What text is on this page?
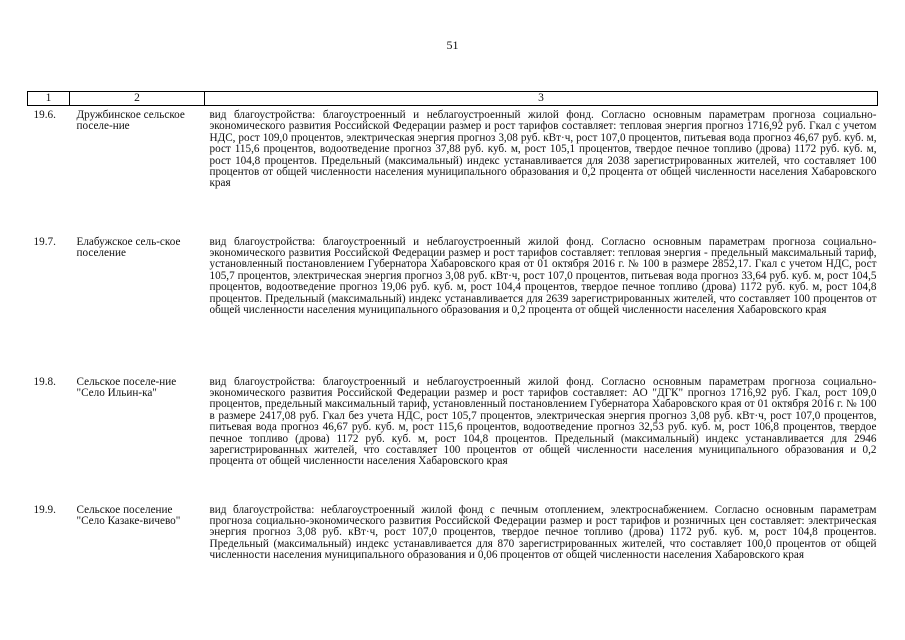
51
1	2	3
19.6.	Дружбинское сельское поселе-ние	вид благоустройства: благоустроенный и неблагоустроенный жилой фонд. Согласно основным параметрам прогноза социально-экономического развития Российской Федерации размер и рост тарифов составляет: тепловая энергия прогноз 1716,92 руб. Гкал с учетом НДС, рост 109,0 процентов, электрическая энергия прогноз 3,08 руб. кВт·ч, рост 107,0 процентов, питьевая вода прогноз 46,67 руб. куб. м, рост 115,6 процентов, водоотведение прогноз 37,88 руб. куб. м, рост 105,1 процентов, твердое печное топливо (дрова) 1172 руб. куб. м, рост 104,8 процентов. Предельный (максимальный) индекс устанавливается для 2038 зарегистрированных жителей, что составляет 100 процентов от общей численности населения муниципального образования и 0,2 процента от общей численности населения Хабаровского края
19.7.	Елабужское сель-ское поселение	вид благоустройства: благоустроенный и неблагоустроенный жилой фонд. Согласно основным параметрам прогноза социально-экономического развития Российской Федерации размер и рост тарифов составляет: тепловая энергия - предельный максимальный тариф, установленный постановлением Губернатора Хабаровского края от 01 октября 2016 г. № 100 в размере 2852,17. Гкал с учетом НДС, рост 105,7 процентов, электрическая энергия прогноз 3,08 руб. кВт·ч, рост 107,0 процентов, питьевая вода прогноз 33,64 руб. куб. м, рост 104,5 процентов, водоотведение прогноз 19,06 руб. куб. м, рост 104,4 процентов, твердое печное топливо (дрова) 1172 руб. куб. м, рост 104,8 процентов. Предельный (максимальный) индекс устанавливается для 2639 зарегистрированных жителей, что составляет 100 процентов от общей численности населения муниципального образования и 0,2 процента от общей численности населения Хабаровского края
19.8.	Сельское поселе-ние "Село Ильин-ка"	вид благоустройства: благоустроенный и неблагоустроенный жилой фонд. Согласно основным параметрам прогноза социально-экономического развития Российской Федерации размер и рост тарифов составляет: АО "ДГК" прогноз 1716,92 руб. Гкал, рост 109,0 процентов, предельный максимальный тариф, установленный постановлением Губернатора Хабаровского края от 01 октября 2016 г. № 100 в размере 2417,08 руб. Гкал без учета НДС, рост 105,7 процентов, электрическая энергия прогноз 3,08 руб. кВт·ч, рост 107,0 процентов, питьевая вода прогноз 46,67 руб. куб. м, рост 115,6 процентов, водоотведение прогноз 32,53 руб. куб. м, рост 106,8 процентов, твердое печное топливо (дрова) 1172 руб. куб. м, рост 104,8 процентов. Предельный (максимальный) индекс устанавливается для 2946 зарегистрированных жителей, что составляет 100 процентов от общей численности населения муниципального образования и 0,2 процента от общей численности населения Хабаровского края
19.9.	Сельское поселение "Село Казаке-вичево"	вид благоустройства: неблагоустроенный жилой фонд с печным отоплением, электроснабжением. Согласно основным параметрам прогноза социально-экономического развития Российской Федерации размер и рост тарифов и розничных цен составляет: электрическая энергия прогноз 3,08 руб. кВт·ч, рост 107,0 процентов, твердое печное топливо (дрова) 1172 руб. куб. м, рост 104,8 процентов. Предельный (максимальный) индекс устанавливается для 870 зарегистрированных жителей, что составляет 100,0 процентов от общей численности населения муниципального образования и 0,06 процентов от общей численности населения Хабаровского края
